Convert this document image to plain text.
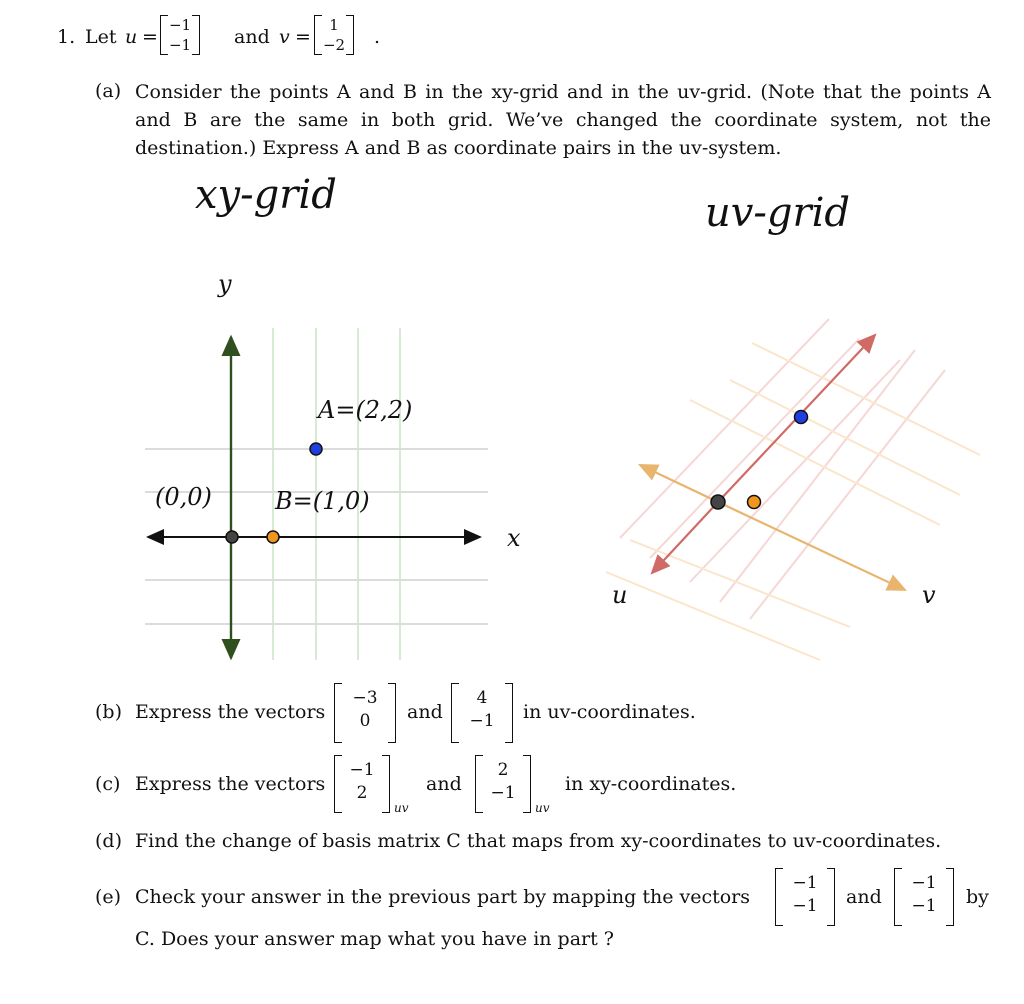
1. Let u =
−1
−1	and v =
1
−2	.
(a) Consider the points A and B in the xy-grid and in the uv-grid. (Note that the points A and B are the same in both grid. We’ve changed the coordinate system, not the destination.) Express A and B as coordinate pairs in the uv-system.
xy-grid	uv-grid
y
x
(0,0)
A=(2,2)
B=(1,0)
u	v
(b) Express the vectors
−3
0	and
4
−1	in uv-coordinates.
(c) Express the vectors
−1
2
uv
and
2
−1
uv
in xy-coordinates.
(d) Find the change of basis matrix C that maps from xy-coordinates to uv-coordinates.
(e) Check your answer in the previous part by mapping the vectors
−1
−1	and
−1
−1	by
C. Does your answer map what you have in part ?
